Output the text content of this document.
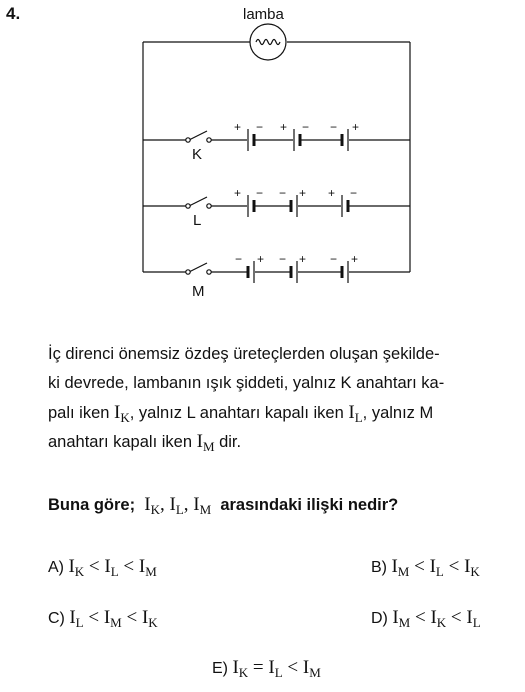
4.	lamba
+ − + − − +
+ − − + + −
− + − + − +
K
L
M
İç direnci önemsiz özdeş üreteçlerden oluşan şekilde-
ki devrede, lambanın ışık şiddeti, yalnız K anahtarı ka-
palı iken $I_K$, yalnız L anahtarı kapalı iken $I_L$, yalnız M
anahtarı kapalı iken $I_M$ dir.
Buna göre; $I_K$, $I_L$, $I_M$ arasındaki ilişki nedir?
A) $I_K < I_L < I_M$	B) $I_M < I_L < I_K$
C) $I_L < I_M < I_K$	D) $I_M < I_K < I_L$
E) $I_K = I_L < I_M$
